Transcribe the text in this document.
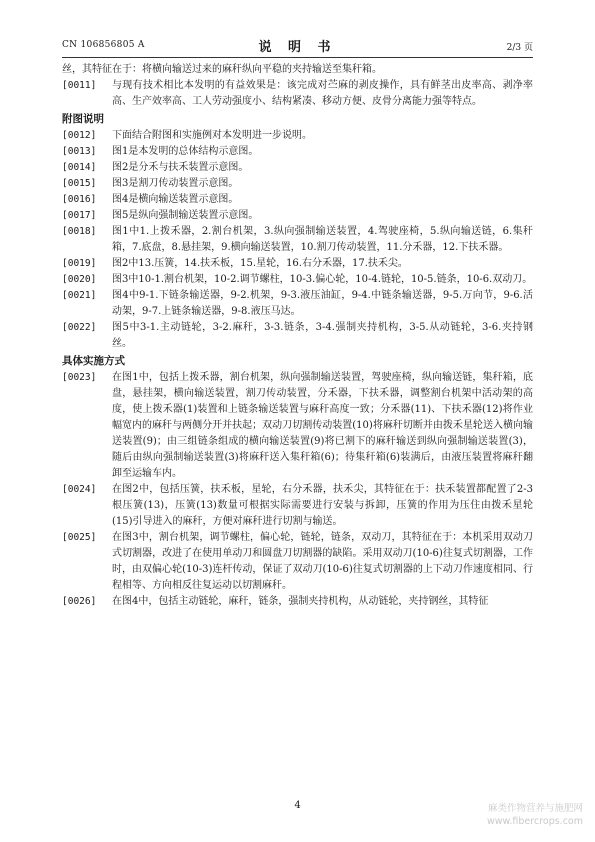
CN 106856805 A	说 明 书	2/3 页

丝，其特征在于：将横向输送过来的麻秆纵向平稳的夹持输送至集秆箱。

[0011]	与现有技术相比本发明的有益效果是：该完成对苎麻的剥皮操作，具有鲜茎出皮率高、剥净率高、生产效率高、工人劳动强度小、结构紧凑、移动方便、皮骨分离能力强等特点。

附图说明

[0012]	下面结合附图和实施例对本发明进一步说明。
[0013]	图1是本发明的总体结构示意图。
[0014]	图2是分禾与扶禾装置示意图。
[0015]	图3是割刀传动装置示意图。
[0016]	图4是横向输送装置示意图。
[0017]	图5是纵向强制输送装置示意图。
[0018]	图1中1.上拨禾器，2.割台机架，3.纵向强制输送装置，4.驾驶座椅，5.纵向输送链，6.集秆箱，7.底盘，8.悬挂架，9.横向输送装置，10.割刀传动装置，11.分禾器，12.下扶禾器。
[0019]	图2中13.压簧，14.扶禾板，15.星轮，16.右分禾器，17.扶禾尖。
[0020]	图3中10-1.割台机架，10-2.调节螺柱，10-3.偏心轮，10-4.链轮，10-5.链条，10-6.双动刀。
[0021]	图4中9-1.下链条输送器，9-2.机架，9-3.液压油缸，9-4.中链条输送器，9-5.万向节，9-6.活动架，9-7.上链条输送器，9-8.液压马达。
[0022]	图5中3-1.主动链轮，3-2.麻秆，3-3.链条，3-4.强制夹持机构，3-5.从动链轮，3-6.夹持钢丝。

具体实施方式

[0023]	在图1中，包括上拨禾器，割台机架，纵向强制输送装置，驾驶座椅，纵向输送链，集秆箱，底盘，悬挂架，横向输送装置，割刀传动装置，分禾器，下扶禾器，调整割台机架中活动架的高度，使上拨禾器(1)装置和上链条输送装置与麻秆高度一致；分禾器(11)、下扶禾器(12)将作业幅宽内的麻秆与两侧分开并扶起；双动刀切割传动装置(10)将麻秆切断并由拨禾星轮送入横向输送装置(9)；由三组链条组成的横向输送装置(9)将已割下的麻秆输送到纵向强制输送装置(3)，随后由纵向强制输送装置(3)将麻秆送入集秆箱(6)；待集秆箱(6)装满后，由液压装置将麻秆翻卸至运输车内。
[0024]	在图2中，包括压簧，扶禾板，星轮，右分禾器，扶禾尖，其特征在于：扶禾装置都配置了2-3根压簧(13)，压簧(13)数量可根据实际需要进行安装与拆卸，压簧的作用为压住由拨禾星轮(15)引导进入的麻秆，方便对麻秆进行切割与输送。
[0025]	在图3中，割台机架，调节螺柱，偏心轮，链轮，链条，双动刀，其特征在于：本机采用双动刀式切割器，改进了在使用单动刀和圆盘刀切割器的缺陷。采用双动刀(10-6)往复式切割器，工作时，由双偏心轮(10-3)连杆传动，保证了双动刀(10-6)往复式切割器的上下动刀作速度相同、行程相等、方向相反往复运动以切割麻秆。
[0026]	在图4中，包括主动链轮，麻秆，链条，强制夹持机构，从动链轮，夹持钢丝，其特征
4	麻类作物营养与施肥网
www.fibercrops.com
